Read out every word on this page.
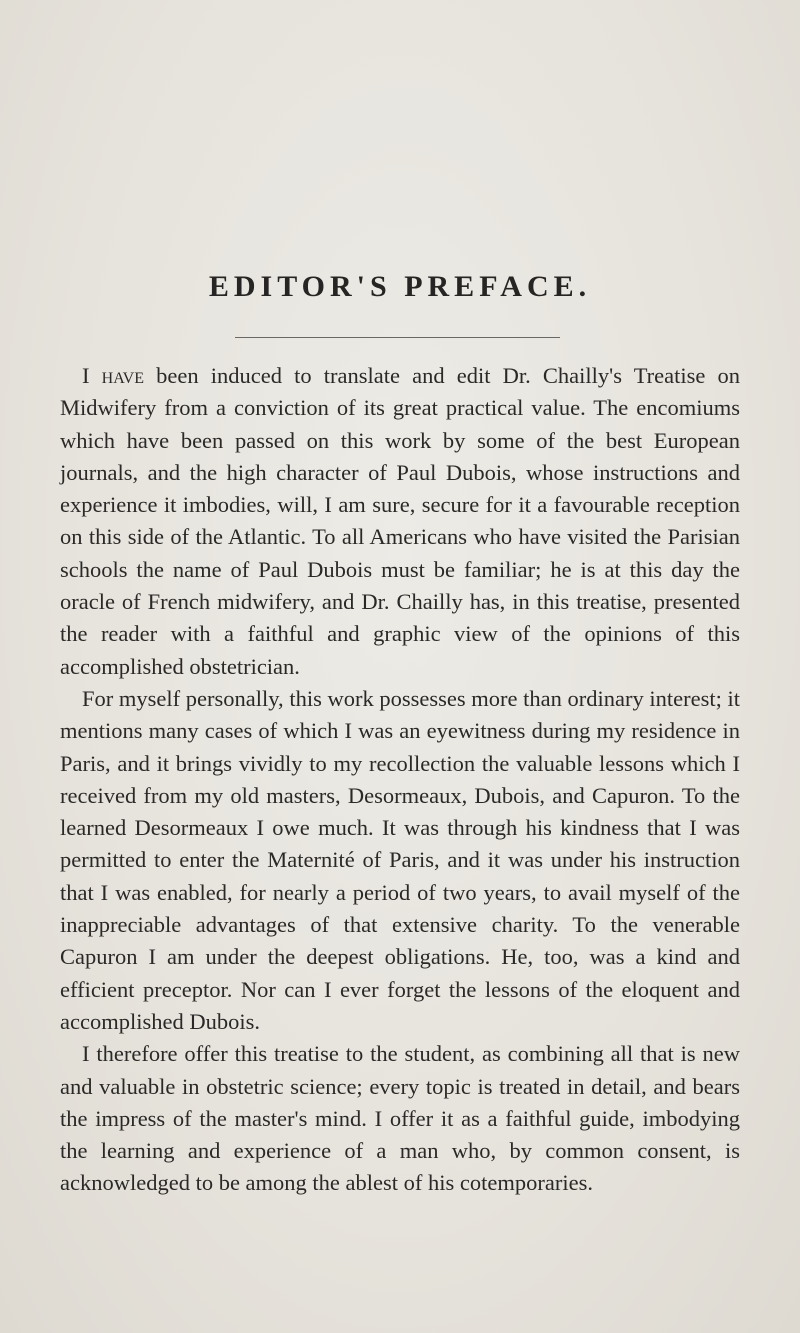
EDITOR'S PREFACE.

I have been induced to translate and edit Dr. Chailly's Treatise on Midwifery from a conviction of its great practical value. The encomiums which have been passed on this work by some of the best European journals, and the high character of Paul Dubois, whose instructions and experience it imbodies, will, I am sure, secure for it a favourable reception on this side of the Atlantic. To all Americans who have visited the Parisian schools the name of Paul Dubois must be familiar; he is at this day the oracle of French midwifery, and Dr. Chailly has, in this treatise, presented the reader with a faithful and graphic view of the opinions of this accomplished obstetrician.

For myself personally, this work possesses more than ordinary interest; it mentions many cases of which I was an eyewitness during my residence in Paris, and it brings vividly to my recollection the valuable lessons which I received from my old masters, Desormeaux, Dubois, and Capuron. To the learned Desormeaux I owe much. It was through his kindness that I was permitted to enter the Maternité of Paris, and it was under his instruction that I was enabled, for nearly a period of two years, to avail myself of the inappreciable advantages of that extensive charity. To the venerable Capuron I am under the deepest obligations. He, too, was a kind and efficient preceptor. Nor can I ever forget the lessons of the eloquent and accomplished Dubois.

I therefore offer this treatise to the student, as combining all that is new and valuable in obstetric science; every topic is treated in detail, and bears the impress of the master's mind. I offer it as a faithful guide, imbodying the learning and experience of a man who, by common consent, is acknowledged to be among the ablest of his cotemporaries.
